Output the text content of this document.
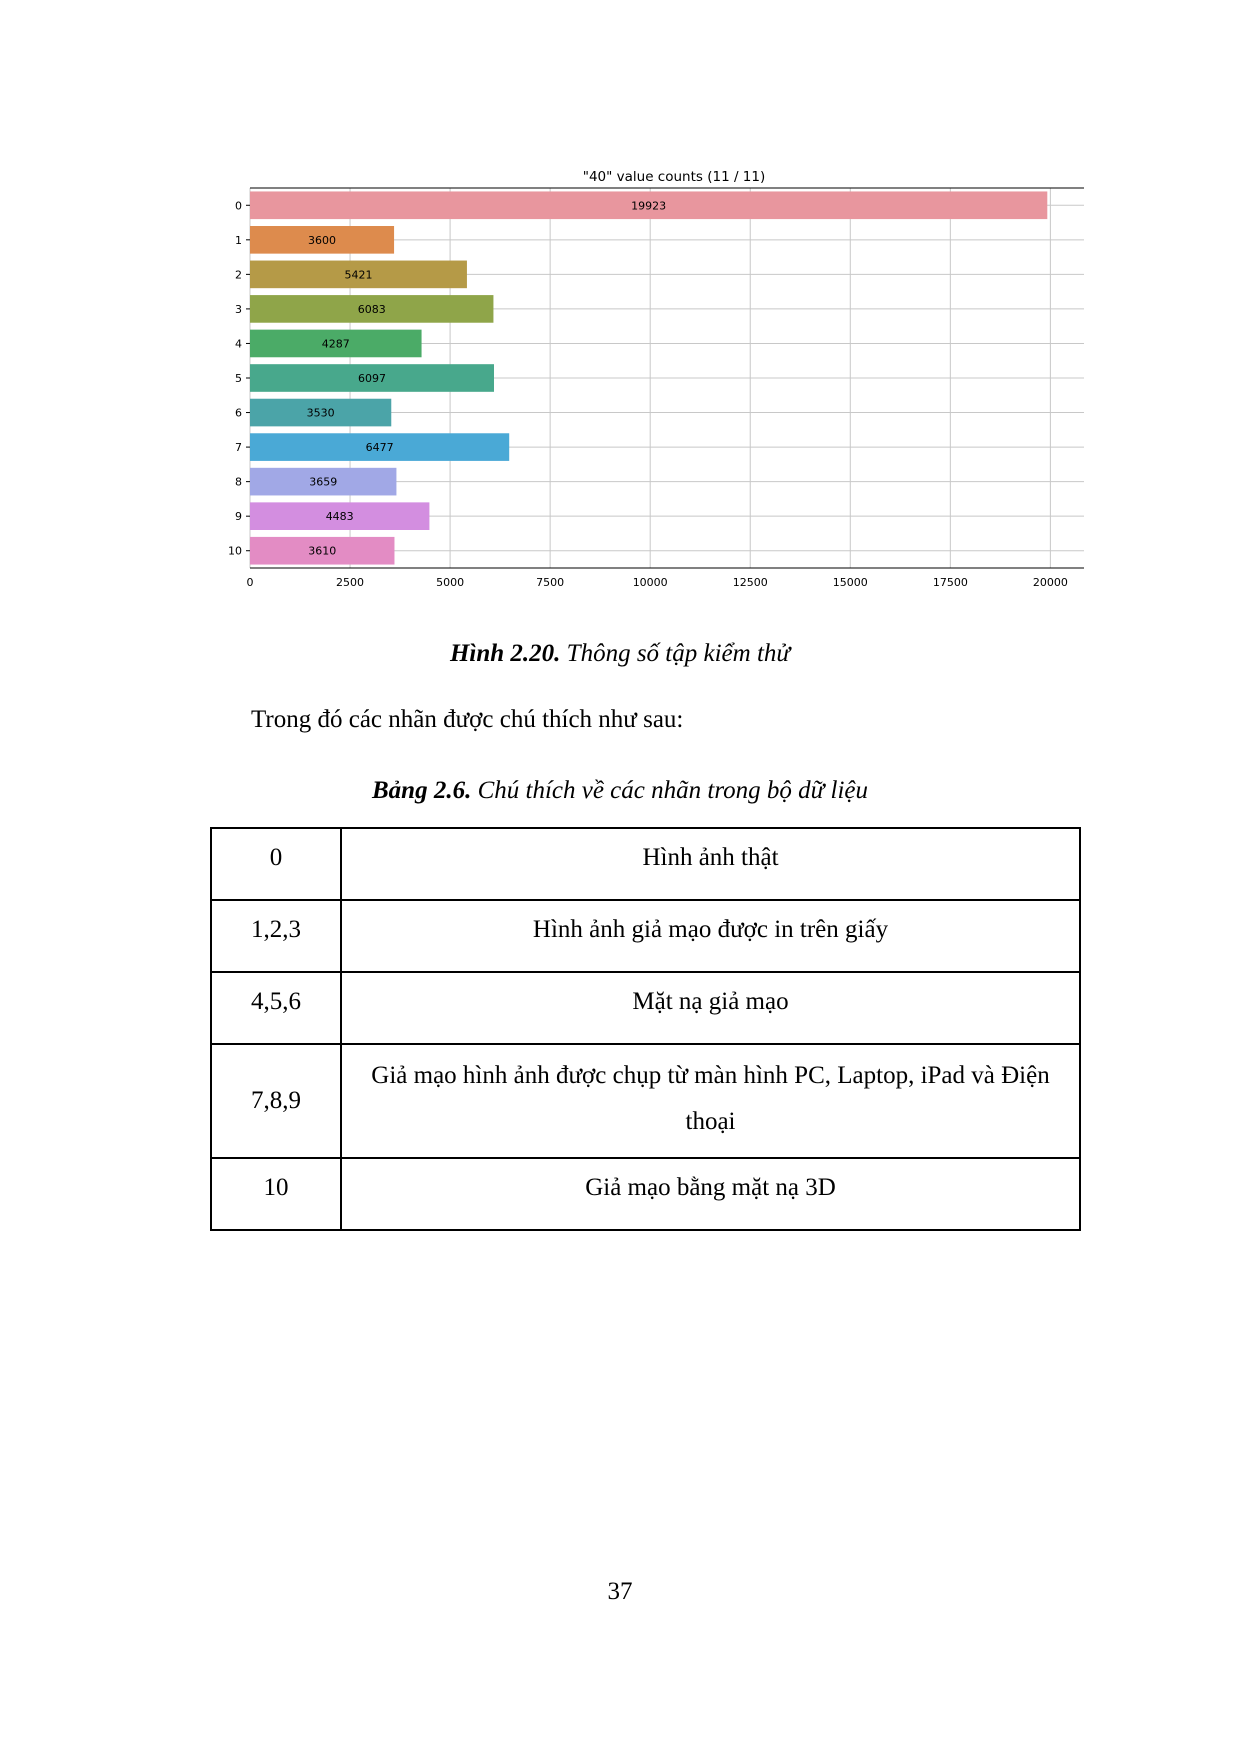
"40" value counts (11 / 11)
19923
3600
5421
6083
4287
6097
3530
6477
3659
4483
3610
0	2500	5000	7500	10000	12500	15000	17500	20000
0
1
2
3
4
5
6
7
8
9
10
Hình 2.20. Thông số tập kiểm thử
Trong đó các nhãn được chú thích như sau:
Bảng 2.6. Chú thích về các nhãn trong bộ dữ liệu
0	Hình ảnh thật
1,2,3	Hình ảnh giả mạo được in trên giấy
4,5,6	Mặt nạ giả mạo
7,8,9	Giả mạo hình ảnh được chụp từ màn hình PC, Laptop, iPad và Điện thoại
10	Giả mạo bằng mặt nạ 3D
37
